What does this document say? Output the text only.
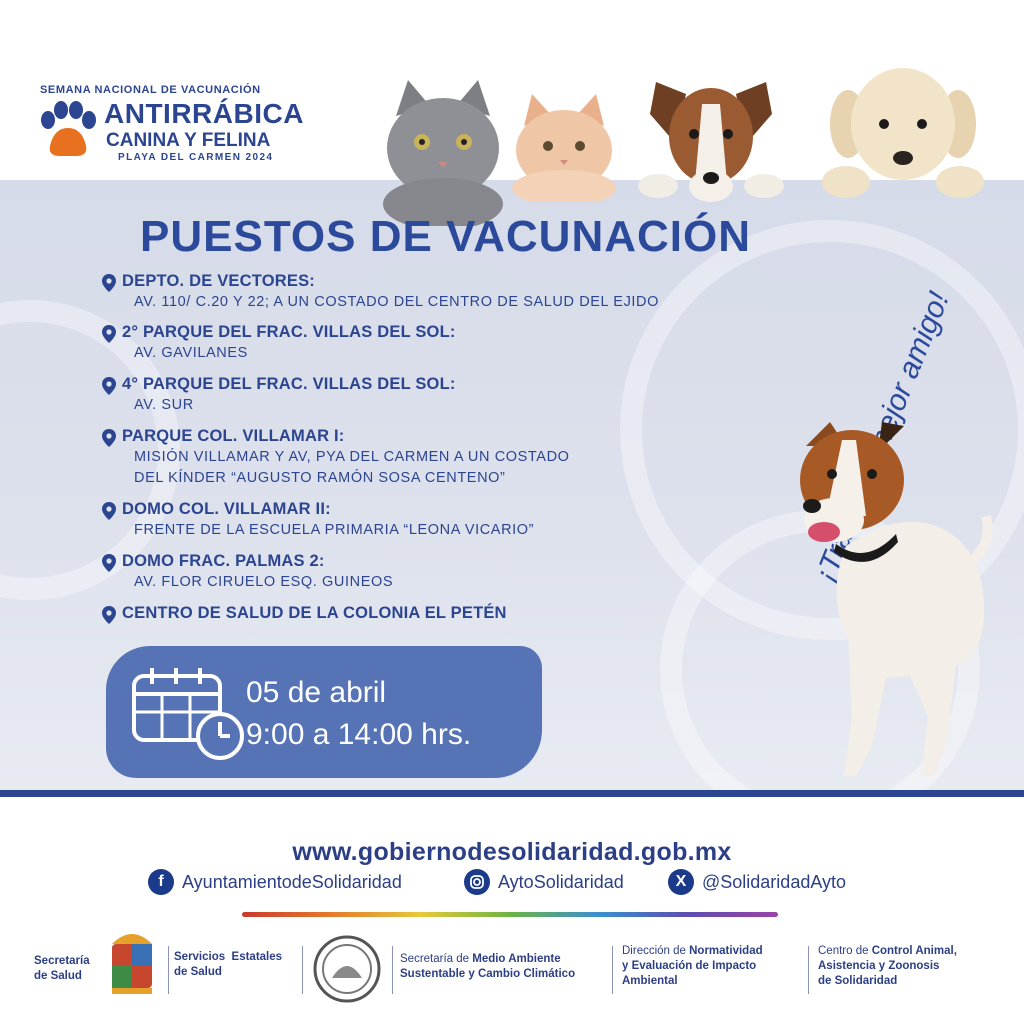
SEMANA NACIONAL DE VACUNACIÓN
ANTIRRÁBICA
CANINA Y FELINA
PLAYA DEL CARMEN 2024
PUESTOS DE VACUNACIÓN
DEPTO. DE VECTORES:
AV. 110/ C.20 Y 22; A UN COSTADO DEL CENTRO DE SALUD DEL EJIDO
2° PARQUE DEL FRAC. VILLAS DEL SOL:
AV. GAVILANES
4° PARQUE DEL FRAC. VILLAS DEL SOL:
AV. SUR
PARQUE COL. VILLAMAR I:
MISIÓN VILLAMAR Y AV, PYA DEL CARMEN A UN COSTADO
DEL KÍNDER “AUGUSTO RAMÓN SOSA CENTENO”
DOMO COL. VILLAMAR II:
FRENTE DE LA ESCUELA PRIMARIA “LEONA VICARIO”
DOMO FRAC. PALMAS 2:
AV. FLOR CIRUELO ESQ. GUINEOS
CENTRO DE SALUD DE LA COLONIA EL PETÉN
mejor amigo!
05 de abril
9:00 a 14:00 hrs.
www.gobiernodesolidaridad.gob.mx
f	AyuntamientodeSolidaridad	AytoSolidaridad	X @SolidaridadAyto
Secretaría
de Salud
Servicios  Estatales
de Salud
Secretaría de Medio Ambiente
Sustentable y Cambio Climático
Dirección de Normatividad
y Evaluación de Impacto
Ambiental
Centro de Control Animal,
Asistencia y Zoonosis
de Solidaridad
